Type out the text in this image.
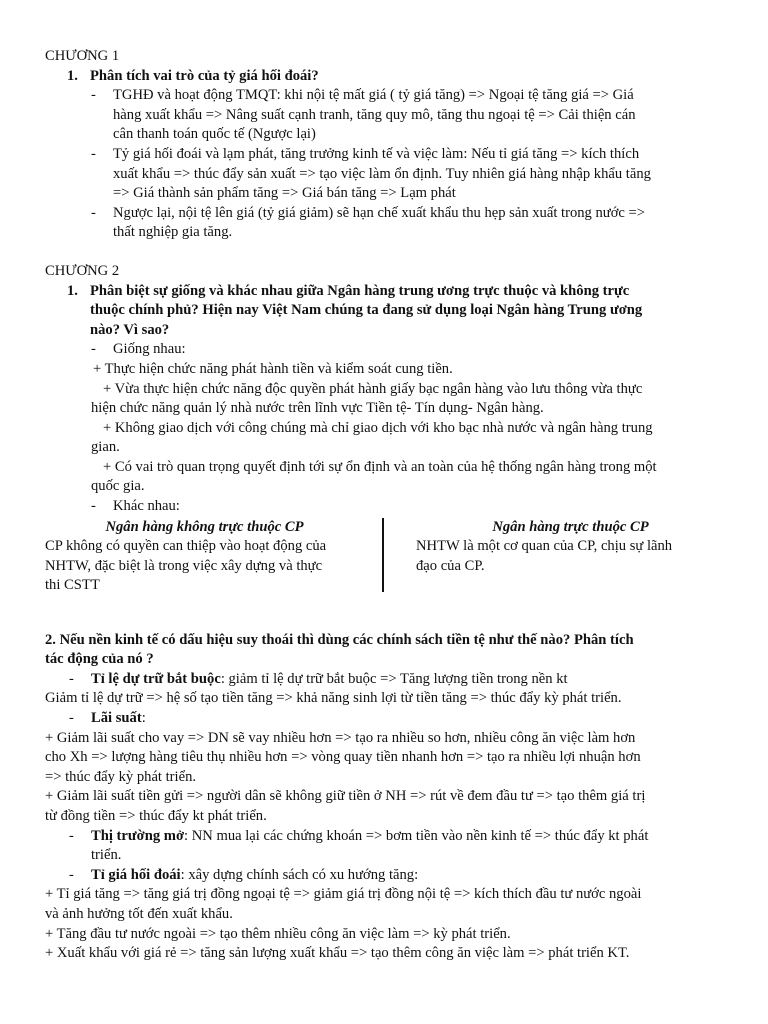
CHƯƠNG 1

1. Phân tích vai trò của tỷ giá hối đoái?
- TGHĐ và hoạt động TMQT: khi nội tệ mất giá ( tỷ giá tăng) => Ngoại tệ tăng giá => Giá

hàng xuất khẩu => Nâng suất cạnh tranh, tăng quy mô, tăng thu ngoại tệ => Cải thiện cán

cân thanh toán quốc tế (Ngược lại)

- Tỷ giá hối đoái và lạm phát, tăng trưởng kinh tế và việc làm: Nếu tỉ giá tăng => kích thích

xuất khẩu => thúc đẩy sản xuất => tạo việc làm ổn định. Tuy nhiên giá hàng nhập khẩu tăng

=> Giá thành sản phẩm tăng => Giá bán tăng => Lạm phát

- Ngược lại, nội tệ lên giá (tỷ giá giảm) sẽ hạn chế xuất khẩu thu hẹp sản xuất trong nước =>

thất nghiệp gia tăng.

CHƯƠNG 2

1. Phân biệt sự giống và khác nhau giữa Ngân hàng trung ương trực thuộc và không trực

thuộc chính phủ? Hiện nay Việt Nam chúng ta đang sử dụng loại Ngân hàng Trung ương

nào? Vì sao?

- Giống nhau:

+ Thực hiện chức năng phát hành tiền và kiểm soát cung tiền.

+ Vừa thực hiện chức năng độc quyền phát hành giấy bạc ngân hàng vào lưu thông vừa thực

hiện chức năng quản lý nhà nước trên lĩnh vực Tiền tệ- Tín dụng- Ngân hàng.

+ Không giao dịch với công chúng mà chỉ giao dịch với kho bạc nhà nước và ngân hàng trung

gian.

+ Có vai trò quan trọng quyết định tới sự ổn định và an toàn của hệ thống ngân hàng trong một

quốc gia.

- Khác nhau:

Ngân hàng không trực thuộc CP

CP không có quyền can thiệp vào hoạt động của

NHTW, đặc biệt là trong việc xây dựng và thực

thi CSTT

Ngân hàng trực thuộc CP

NHTW là một cơ quan của CP, chịu sự lãnh

đạo của CP.

2. Nếu nền kinh tế có dấu hiệu suy thoái thì dùng các chính sách tiền tệ như thế nào? Phân tích

tác động của nó ?

- Tỉ lệ dự trữ bắt buộc: giảm tỉ lệ dự trữ bắt buộc => Tăng lượng tiền trong nền kt

Giảm tỉ lệ dự trữ => hệ số tạo tiền tăng => khả năng sinh lợi từ tiền tăng => thúc đẩy kỳ phát triển.

- Lãi suất:

+ Giảm lãi suất cho vay => DN sẽ vay nhiều hơn => tạo ra nhiều so hơn, nhiều công ăn việc làm hơn

cho Xh => lượng hàng tiêu thụ nhiều hơn => vòng quay tiền nhanh hơn => tạo ra nhiều lợi nhuận hơn

=> thúc đẩy kỳ phát triển.

+ Giảm lãi suất tiền gửi => người dân sẽ không giữ tiền ở NH => rút về đem đầu tư => tạo thêm giá trị

từ đồng tiền => thúc đẩy kt phát triển.

- Thị trường mở: NN mua lại các chứng khoán => bơm tiền vào nền kinh tế => thúc đẩy kt phát

triển.

- Tỉ giá hối đoái: xây dựng chính sách có xu hướng tăng:

+ Tỉ giá tăng => tăng giá trị đồng ngoại tệ => giảm giá trị đồng nội tệ => kích thích đầu tư nước ngoài

và ảnh hưởng tốt đến xuất khẩu.

+ Tăng đầu tư nước ngoài => tạo thêm nhiều công ăn việc làm => kỳ phát triển.

+ Xuất khẩu với giá rẻ => tăng sản lượng xuất khẩu => tạo thêm công ăn việc làm => phát triển KT.
